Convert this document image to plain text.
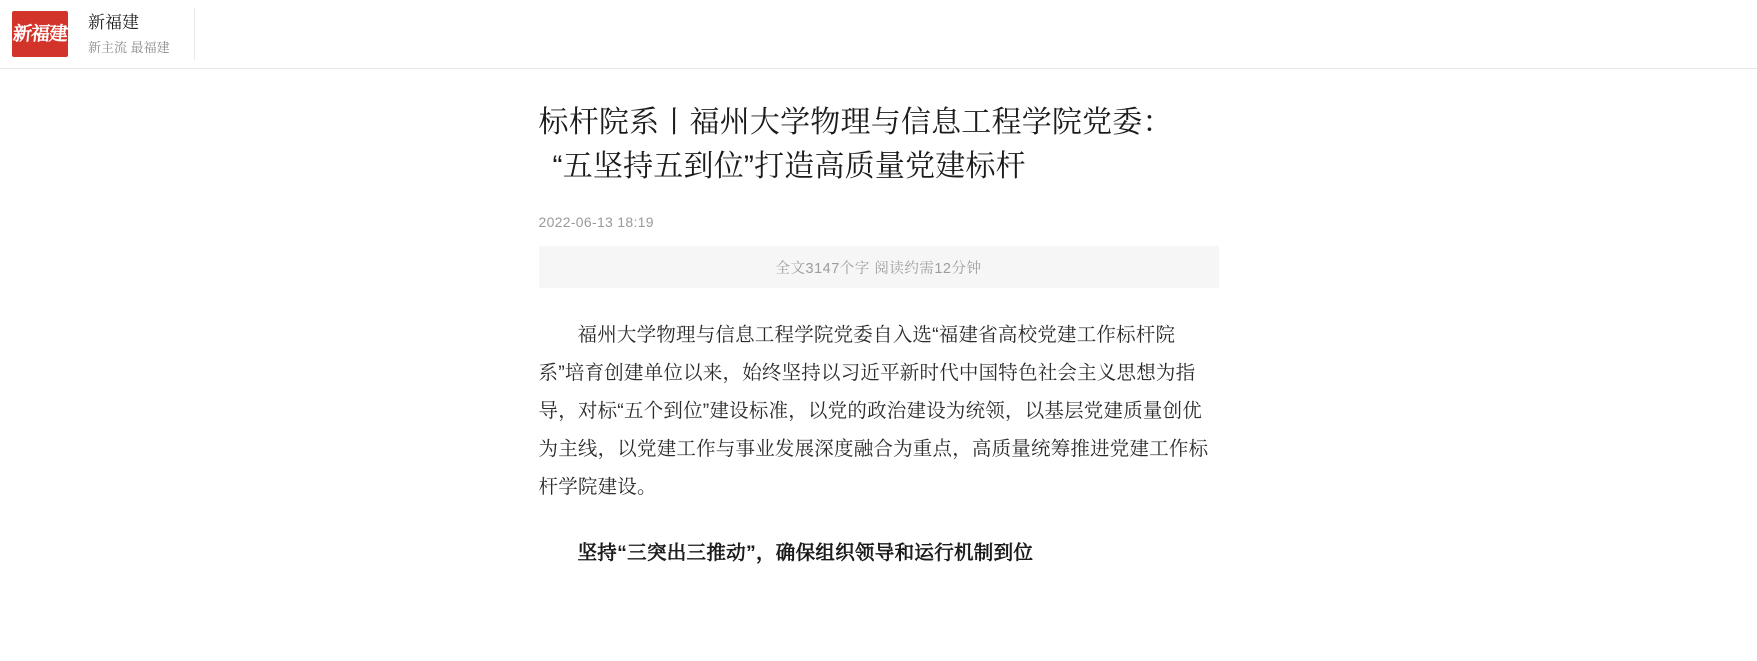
新福建
新福建
新主流 最福建
标杆院系丨福州大学物理与信息工程学院党委：
“五坚持五到位”打造高质量党建标杆
2022-06-13 18:19
全文3147个字 阅读约需12分钟

福州大学物理与信息工程学院党委自入选“福建省高校党建工作标杆院系”培育创建单位以来，始终坚持以习近平新时代中国特色社会主义思想为指导，对标“五个到位”建设标准，以党的政治建设为统领，以基层党建质量创优为主线，以党建工作与事业发展深度融合为重点，高质量统筹推进党建工作标杆学院建设。

坚持“三突出三推动”，确保组织领导和运行机制到位
